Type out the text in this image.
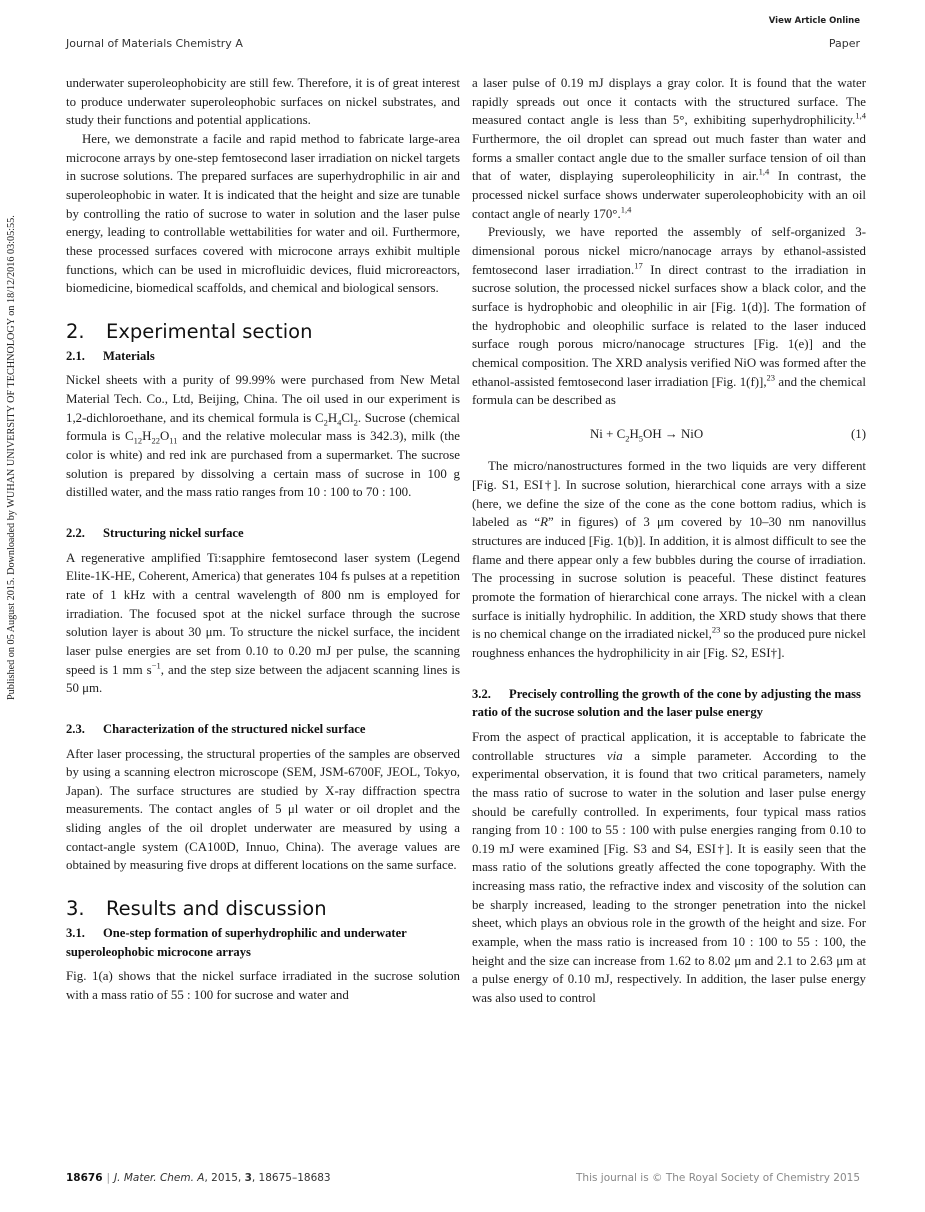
View Article Online
Journal of Materials Chemistry A	Paper
Published on 05 August 2015. Downloaded by WUHAN UNIVERSITY OF TECHNOLOGY on 18/12/2016 03:05:55.

underwater superoleophobicity are still few. Therefore, it is of great interest to produce underwater superoleophobic surfaces on nickel substrates, and study their functions and potential applications.

Here, we demonstrate a facile and rapid method to fabricate large-area microcone arrays by one-step femtosecond laser irradiation on nickel targets in sucrose solutions. The prepared surfaces are superhydrophilic in air and superoleophobic in water. It is indicated that the height and size are tunable by controlling the ratio of sucrose to water in solution and the laser pulse energy, leading to controllable wettabilities for water and oil. Furthermore, these processed surfaces covered with microcone arrays exhibit multiple functions, which can be used in microfluidic devices, fluid microreactors, biomedicine, biomedical scaffolds, and chemical and biological sensors.

2. Experimental section
2.1. Materials

Nickel sheets with a purity of 99.99% were purchased from New Metal Material Tech. Co., Ltd, Beijing, China. The oil used in our experiment is 1,2-dichloroethane, and its chemical formula is $C_2H_4Cl_2$. Sucrose (chemical formula is $C_{12}H_{22}O_{11}$ and the relative molecular mass is 342.3), milk (the color is white) and red ink are purchased from a supermarket. The sucrose solution is prepared by dissolving a certain mass of sucrose in 100 g distilled water, and the mass ratio ranges from 10 : 100 to 70 : 100.

2.2. Structuring nickel surface

A regenerative amplified Ti:sapphire femtosecond laser system (Legend Elite-1K-HE, Coherent, America) that generates 104 fs pulses at a repetition rate of 1 kHz with a central wavelength of 800 nm is employed for irradiation. The focused spot at the nickel surface through the sucrose solution layer is about 30 μm. To structure the nickel surface, the incident laser pulse energies are set from 0.10 to 0.20 mJ per pulse, the scanning speed is 1 mm $s^{-1}$, and the step size between the adjacent scanning lines is 50 μm.

2.3. Characterization of the structured nickel surface

After laser processing, the structural properties of the samples are observed by using a scanning electron microscope (SEM, JSM-6700F, JEOL, Tokyo, Japan). The surface structures are studied by X-ray diffraction spectra measurements. The contact angles of 5 μl water or oil droplet and the sliding angles of the oil droplet underwater are measured by using a contact-angle system (CA100D, Innuo, China). The average values are obtained by measuring five drops at different locations on the same surface.

3. Results and discussion
3.1. One-step formation of superhydrophilic and underwater superoleophobic microcone arrays

Fig. 1(a) shows that the nickel surface irradiated in the sucrose solution with a mass ratio of 55 : 100 for sucrose and water and

a laser pulse of 0.19 mJ displays a gray color. It is found that the water rapidly spreads out once it contacts with the structured surface. The measured contact angle is less than 5°, exhibiting superhydrophilicity.$^{1,4}$ Furthermore, the oil droplet can spread out much faster than water and forms a smaller contact angle due to the smaller surface tension of oil than that of water, displaying superoleophilicity in air.$^{1,4}$ In contrast, the processed nickel surface shows underwater superoleophobicity with an oil contact angle of nearly 170°.$^{1,4}$

Previously, we have reported the assembly of self-organized 3-dimensional porous nickel micro/nanocage arrays by ethanol-assisted femtosecond laser irradiation.$^{17}$ In direct contrast to the irradiation in sucrose solution, the processed nickel surfaces show a black color, and the surface is hydrophobic and oleophilic in air [Fig. 1(d)]. The formation of the hydrophobic and oleophilic surface is related to the laser induced surface rough porous micro/nanocage structures [Fig. 1(e)] and the chemical composition. The XRD analysis verified NiO was formed after the ethanol-assisted femtosecond laser irradiation [Fig. 1(f)],$^{23}$ and the chemical formula can be described as

$Ni + C_2H_5OH$ → NiO	(1)

The micro/nanostructures formed in the two liquids are very different [Fig. S1, ESI†]. In sucrose solution, hierarchical cone arrays with a size (here, we define the size of the cone as the cone bottom radius, which is labeled as “R” in figures) of 3 μm covered by 10–30 nm nanovillus structures are induced [Fig. 1(b)]. In addition, it is almost difficult to see the flame and there appear only a few bubbles during the course of irradiation. The processing in sucrose solution is peaceful. These distinct features promote the formation of hierarchical cone arrays. The nickel with a clean surface is initially hydrophilic. In addition, the XRD study shows that there is no chemical change on the irradiated nickel,$^{23}$ so the produced pure nickel roughness enhances the hydrophilicity in air [Fig. S2, ESI†].

3.2. Precisely controlling the growth of the cone by adjusting the mass ratio of the sucrose solution and the laser pulse energy

From the aspect of practical application, it is acceptable to fabricate the controllable structures via a simple parameter. According to the experimental observation, it is found that two critical parameters, namely the mass ratio of sucrose to water in the solution and laser pulse energy should be carefully controlled. In experiments, four typical mass ratios ranging from 10 : 100 to 55 : 100 with pulse energies ranging from 0.10 to 0.19 mJ were examined [Fig. S3 and S4, ESI†]. It is easily seen that the mass ratio of the solutions greatly affected the cone topography. With the increasing mass ratio, the refractive index and viscosity of the solution can be sharply increased, leading to the stronger penetration into the nickel sheet, which plays an obvious role in the growth of the height and size. For example, when the mass ratio is increased from 10 : 100 to 55 : 100, the height and the size can increase from 1.62 to 8.02 μm and 2.1 to 2.63 μm at a pulse energy of 0.10 mJ, respectively. In addition, the laser pulse energy was also used to control

18676 | J. Mater. Chem. A, 2015, 3, 18675–18683	This journal is © The Royal Society of Chemistry 2015
